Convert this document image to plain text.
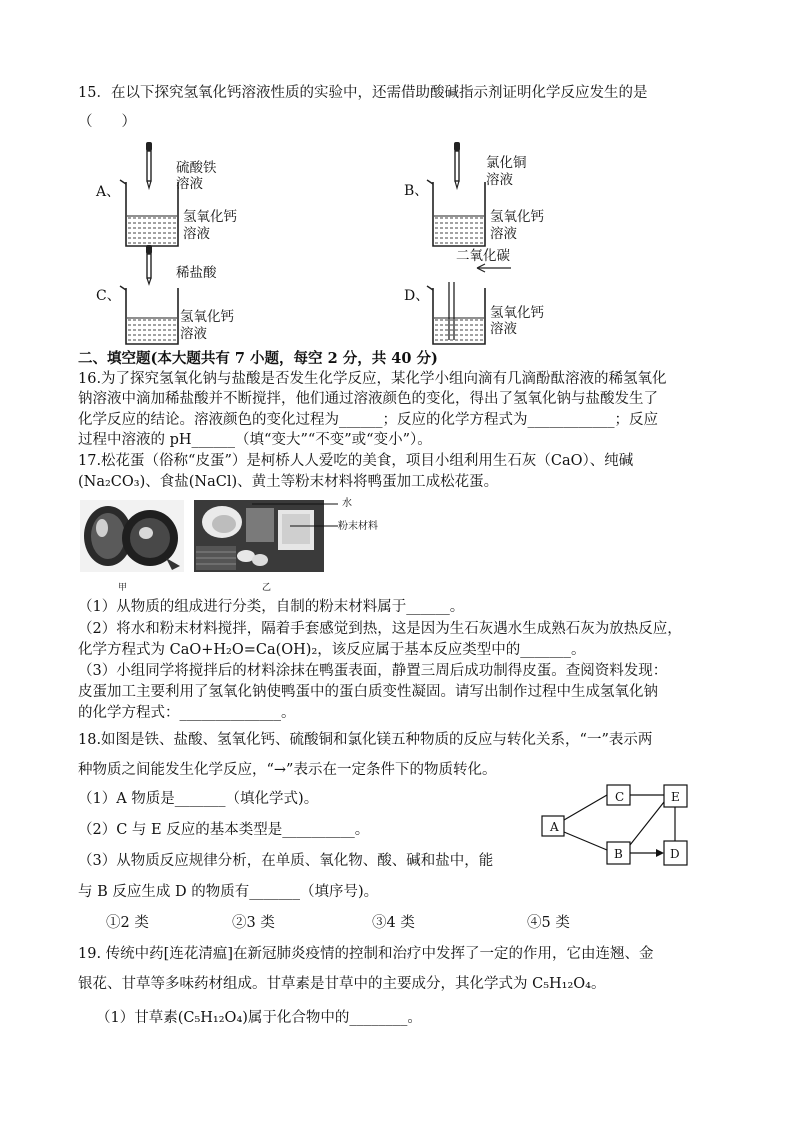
15．在以下探究氢氧化钙溶液性质的实验中，还需借助酸碱指示剂证明化学反应发生的是
（　　）
A、
硫酸铁
溶液
氢氧化钙
溶液
B、
氯化铜
溶液
氢氧化钙
溶液
C、
稀盐酸
氢氧化钙
溶液
D、
二氧化碳
氢氧化钙
溶液
二、填空题(本大题共有 7 小题，每空 2 分，共 40 分)
16.为了探究氢氧化钠与盐酸是否发生化学反应，某化学小组向滴有几滴酚酞溶液的稀氢氧化
钠溶液中滴加稀盐酸并不断搅拌，他们通过溶液颜色的变化，得出了氢氧化钠与盐酸发生了
化学反应的结论。溶液颜色的变化过程为______；反应的化学方程式为____________；反应
过程中溶液的 pH______（填“变大”“不变”或“变小”）。
17.松花蛋（俗称“皮蛋”）是柯桥人人爱吃的美食，项目小组利用生石灰（CaO）、纯碱
(Na₂CO₃)、食盐(NaCl)、黄土等粉末材料将鸭蛋加工成松花蛋。
甲
水
粉末材料
乙
（1）从物质的组成进行分类，自制的粉末材料属于______。
（2）将水和粉末材料搅拌，隔着手套感觉到热，这是因为生石灰遇水生成熟石灰为放热反应，
化学方程式为 CaO+H₂O=Ca(OH)₂，该反应属于基本反应类型中的_______。
（3）小组同学将搅拌后的材料涂抹在鸭蛋表面，静置三周后成功制得皮蛋。查阅资料发现：
皮蛋加工主要利用了氢氧化钠使鸭蛋中的蛋白质变性凝固。请写出制作过程中生成氢氧化钠
的化学方程式：______________。
18.如图是铁、盐酸、氢氧化钙、硫酸铜和氯化镁五种物质的反应与转化关系，“一”表示两
种物质之间能发生化学反应，“→”表示在一定条件下的物质转化。
（1）A 物质是_______（填化学式)。
（2）C 与 E 反应的基本类型是__________。
（3）从物质反应规律分析，在单质、氧化物、酸、碱和盐中，能
与 B 反应生成 D 的物质有_______（填序号)。
A
C	E
B	D
①2 类	②3 类	③4 类	④5 类
19. 传统中药[连花清瘟]在新冠肺炎疫情的控制和治疗中发挥了一定的作用，它由连翘、金
银花、甘草等多味药材组成。甘草素是甘草中的主要成分，其化学式为 C₅H₁₂O₄。
（1）甘草素(C₅H₁₂O₄)属于化合物中的________。
